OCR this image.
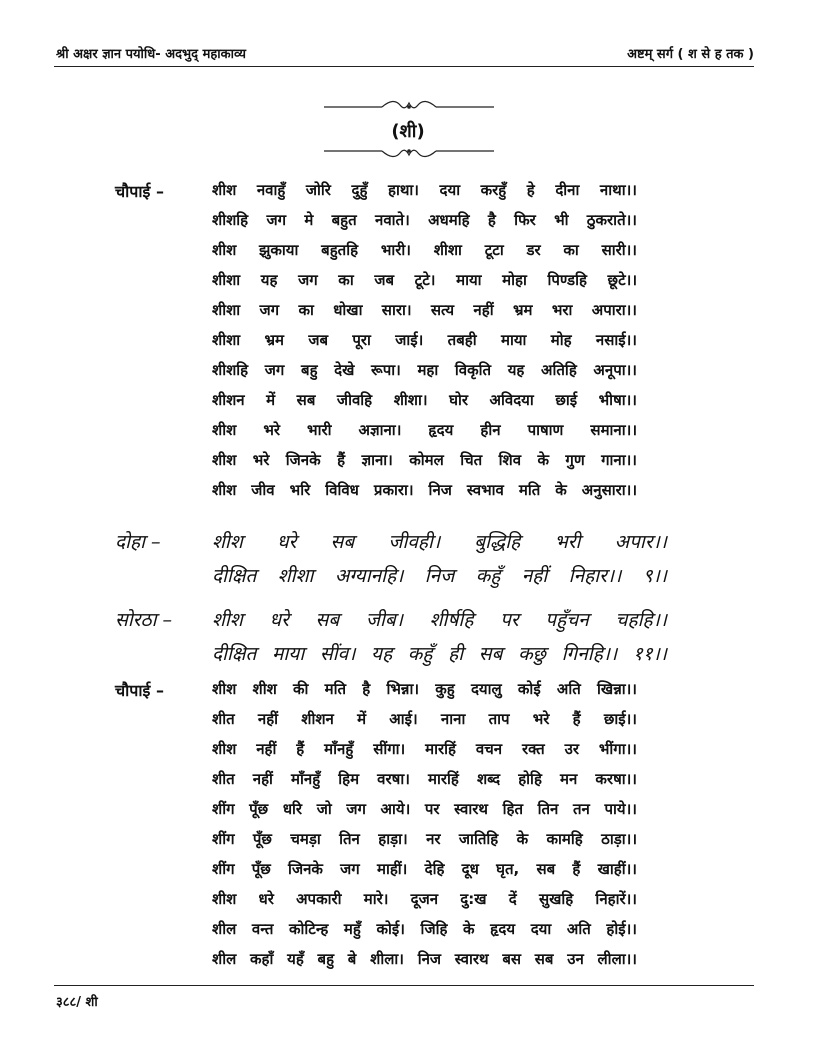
श्री अक्षर ज्ञान पयोधि- अदभुद् महाकाव्य	अष्टम् सर्ग ( श से ह तक )
(शी)
चौपाई –	शीश नवाहुँ जोरि दुहुँ हाथा। दया करहुँ हे दीना नाथा।।
शीशहि जग मे बहुत नवाते। अधमहि है फिर भी ठुकराते।।
शीश झुकाया बहुतहि भारी। शीशा टूटा डर का सारी।।
शीशा यह जग का जब टूटे। माया मोहा पिण्डहि छूटे।।
शीशा जग का धोखा सारा। सत्य नहीं भ्रम भरा अपारा।।
शीशा भ्रम जब पूरा जाई। तबही माया मोह नसाई।।
शीशहि जग बहु देखे रूपा। महा विकृति यह अतिहि अनूपा।।
शीशन में सब जीवहि शीशा। घोर अविदया छाई भीषा।।
शीश भरे भारी अज्ञाना। हृदय हीन पाषाण समाना।।
शीश भरे जिनके हैं ज्ञाना। कोमल चित शिव के गुण गाना।।
शीश जीव भरि विविध प्रकारा। निज स्वभाव मति के अनुसारा।।
दोहा –	शीश धरे सब जीवही। बुद्धिहि भरी अपार।।
दीक्षित शीशा अग्यानहि। निज कहुँ नहीं निहार।। ९।।
सोरठा – शीश धरे सब जीब। शीर्षहि पर पहुँचन चहहि।।
दीक्षित माया सींव। यह कहुँ ही सब कछु गिनहि।। ११।।
चौपाई –	शीश शीश की मति है भिन्ना। कुहु दयालु कोई अति खिन्ना।।
शीत नहीं शीशन में आई। नाना ताप भरे हैं छाई।।
शीश नहीं हैं माँनहुँ सींगा। मारहिं वचन रक्त उर भींगा।।
शीत नहीं माँनहुँ हिम वरषा। मारहिं शब्द होहि मन करषा।।
शींग पूँछ धरि जो जग आये। पर स्वारथ हित तिन तन पाये।।
शींग पूँछ चमड़ा तिन हाड़ा। नर जातिहि के कामहि ठाड़ा।।
शींग पूँछ जिनके जग माहीं। देहि दूध घृत, सब हैं खाहीं।।
शीश धरे अपकारी मारे। दूजन दु:ख दें सुखहि निहारें।।
शील वन्त कोटिन्ह महुँ कोई। जिहि के हृदय दया अति होई।।
शील कहाँ यहँ बहु बे शीला। निज स्वारथ बस सब उन लीला।।
३८८/ शी
